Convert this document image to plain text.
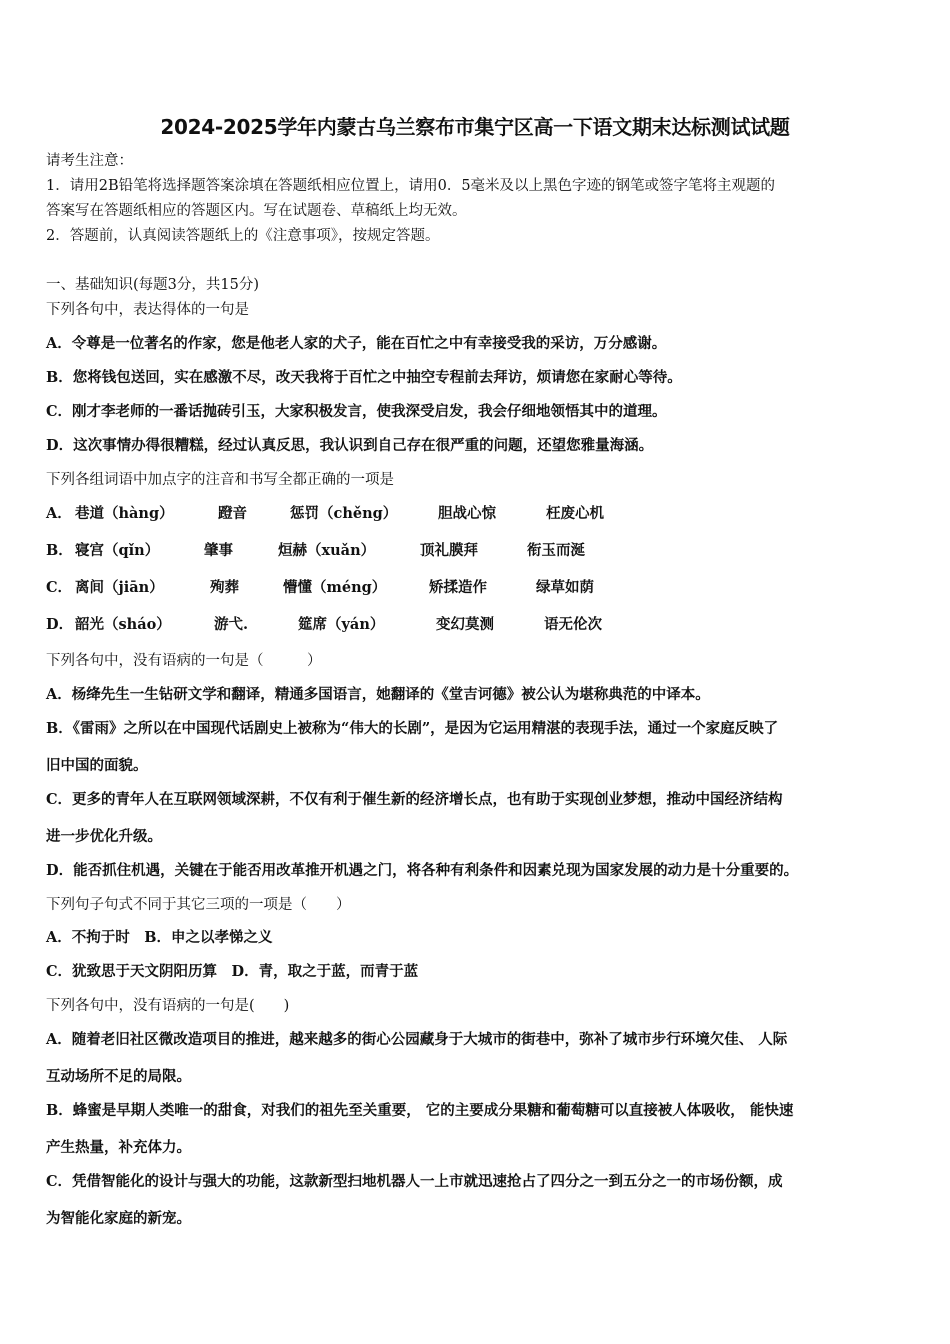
2024-2025学年内蒙古乌兰察布市集宁区高一下语文期末达标测试试题
请考生注意：
1．请用2B铅笔将选择题答案涂填在答题纸相应位置上，请用0．5毫米及以上黑色字迹的钢笔或签字笔将主观题的
答案写在答题纸相应的答题区内。写在试题卷、草稿纸上均无效。
2．答题前，认真阅读答题纸上的《注意事项》，按规定答题。
一、基础知识(每题3分，共15分)
下列各句中，表达得体的一句是
A．令尊是一位著名的作家，您是他老人家的犬子，能在百忙之中有幸接受我的采访，万分感谢。
B．您将钱包送回，实在感激不尽，改天我将于百忙之中抽空专程前去拜访，烦请您在家耐心等待。
C．刚才李老师的一番话抛砖引玉，大家积极发言，使我深受启发，我会仔细地领悟其中的道理。
D．这次事情办得很糟糕，经过认真反思，我认识到自己存在很严重的问题，还望您雅量海涵。
下列各组词语中加点字的注音和书写全都正确的一项是
A． 巷道（hàng）	蹬音	惩罚（chěng）	胆战心惊	枉废心机
B． 寝宫（qǐn）	肇事	烜赫（xuǎn）	顶礼膜拜	衔玉而涎
C． 离间（jiān）	殉葬	懵懂（méng）	矫揉造作	绿草如荫
D． 韶光（sháo）	游弋.	筵席（yán）	变幻莫测	语无伦次
下列各句中，没有语病的一句是（　　　）
A．杨绛先生一生钻研文学和翻译，精通多国语言，她翻译的《堂吉诃德》被公认为堪称典范的中译本。
B．《雷雨》之所以在中国现代话剧史上被称为“伟大的长剧”，是因为它运用精湛的表现手法，通过一个家庭反映了
旧中国的面貌。
C．更多的青年人在互联网领域深耕，不仅有利于催生新的经济增长点，也有助于实现创业梦想，推动中国经济结构
进一步优化升级。
D．能否抓住机遇，关键在于能否用改革推开机遇之门，将各种有利条件和因素兑现为国家发展的动力是十分重要的。
下列句子句式不同于其它三项的一项是（　　）
A．不拘于时　B．申之以孝悌之义
C．犹致思于天文阴阳历算　D．青，取之于蓝，而青于蓝
下列各句中，没有语病的一句是(　　)
A．随着老旧社区微改造项目的推进，越来越多的街心公园藏身于大城市的街巷中，弥补了城市步行环境欠佳、 人际
互动场所不足的局限。
B．蜂蜜是早期人类唯一的甜食，对我们的祖先至关重要， 它的主要成分果糖和葡萄糖可以直接被人体吸收， 能快速
产生热量，补充体力。
C．凭借智能化的设计与强大的功能，这款新型扫地机器人一上市就迅速抢占了四分之一到五分之一的市场份额，成
为智能化家庭的新宠。
